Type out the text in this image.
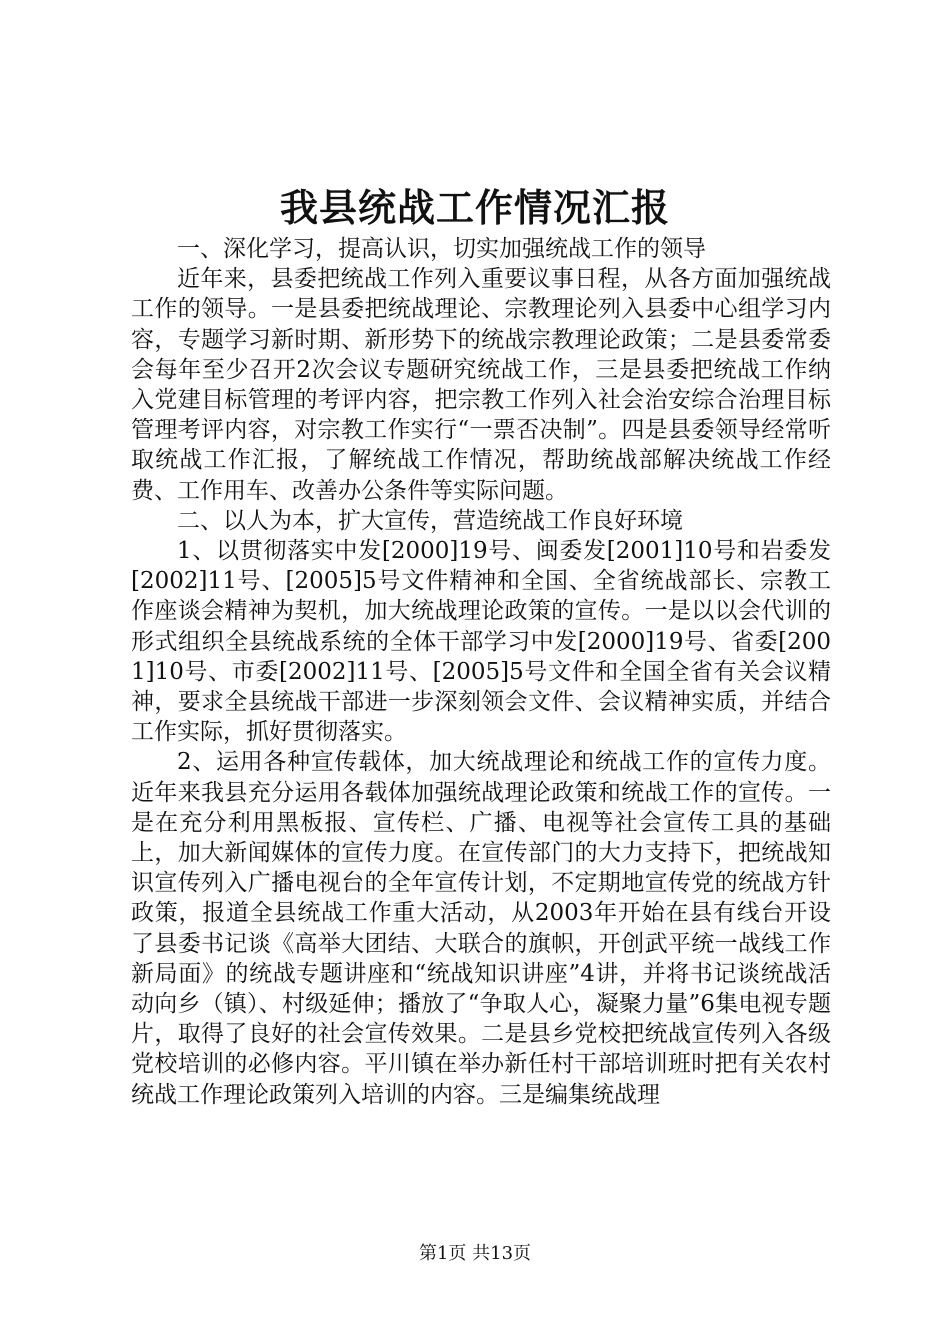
我县统战工作情况汇报

一、深化学习，提高认识，切实加强统战工作的领导

近年来，县委把统战工作列入重要议事日程，从各方面加强统战工作的领导。一是县委把统战理论、宗教理论列入县委中心组学习内容，专题学习新时期、新形势下的统战宗教理论政策；二是县委常委会每年至少召开2次会议专题研究统战工作，三是县委把统战工作纳入党建目标管理的考评内容，把宗教工作列入社会治安综合治理目标管理考评内容，对宗教工作实行“一票否决制”。四是县委领导经常听取统战工作汇报，了解统战工作情况，帮助统战部解决统战工作经费、工作用车、改善办公条件等实际问题。

二、以人为本，扩大宣传，营造统战工作良好环境

1、以贯彻落实中发[2000]19号、闽委发[2001]10号和岩委发[2002]11号、[2005]5号文件精神和全国、全省统战部长、宗教工作座谈会精神为契机，加大统战理论政策的宣传。一是以以会代训的形式组织全县统战系统的全体干部学习中发[2000]19号、省委[2001]10号、市委[2002]11号、[2005]5号文件和全国全省有关会议精神，要求全县统战干部进一步深刻领会文件、会议精神实质，并结合工作实际，抓好贯彻落实。

2、运用各种宣传载体，加大统战理论和统战工作的宣传力度。近年来我县充分运用各载体加强统战理论政策和统战工作的宣传。一是在充分利用黑板报、宣传栏、广播、电视等社会宣传工具的基础上，加大新闻媒体的宣传力度。在宣传部门的大力支持下，把统战知识宣传列入广播电视台的全年宣传计划，不定期地宣传党的统战方针政策，报道全县统战工作重大活动，从2003年开始在县有线台开设了县委书记谈《高举大团结、大联合的旗帜，开创武平统一战线工作新局面》的统战专题讲座和“统战知识讲座”4讲，并将书记谈统战活动向乡（镇）、村级延伸；播放了“争取人心，凝聚力量”6集电视专题片，取得了良好的社会宣传效果。二是县乡党校把统战宣传列入各级党校培训的必修内容。平川镇在举办新任村干部培训班时把有关农村统战工作理论政策列入培训的内容。三是编集统战理

第1页 共13页
